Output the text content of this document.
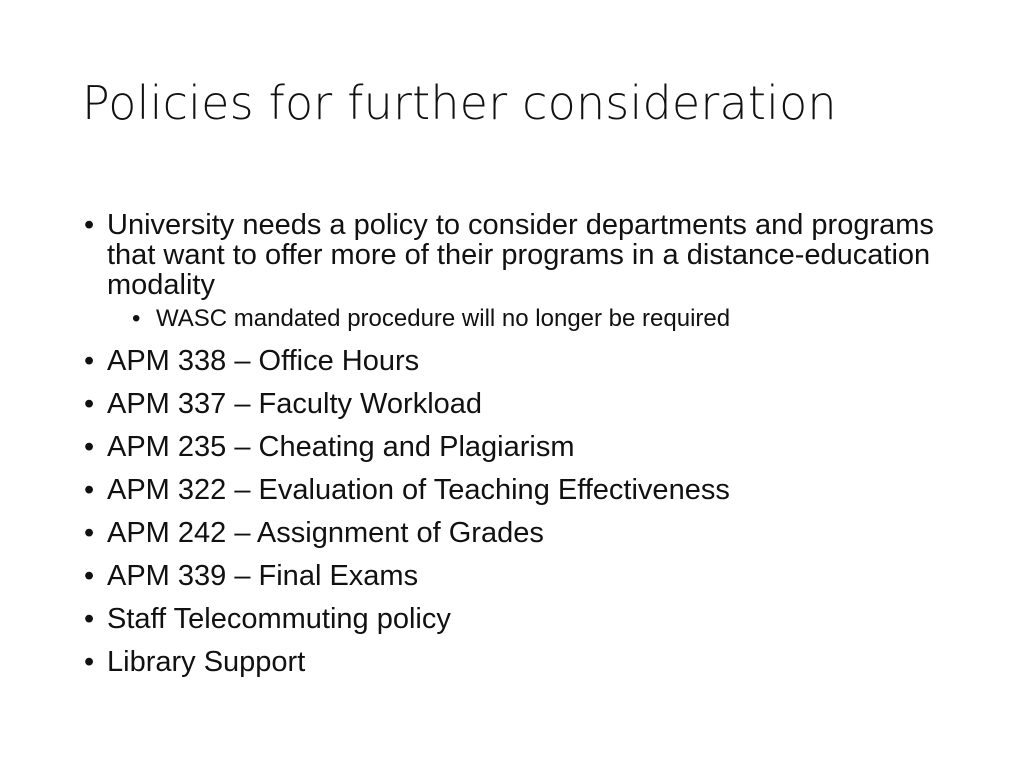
Policies for further consideration
• University needs a policy to consider departments and programs that want to offer more of their programs in a distance-education modality
• WASC mandated procedure will no longer be required
• APM 338 – Office Hours
• APM 337 – Faculty Workload
• APM 235 – Cheating and Plagiarism
• APM 322 – Evaluation of Teaching Effectiveness
• APM 242 – Assignment of Grades
• APM 339 – Final Exams
• Staff Telecommuting policy
• Library Support
